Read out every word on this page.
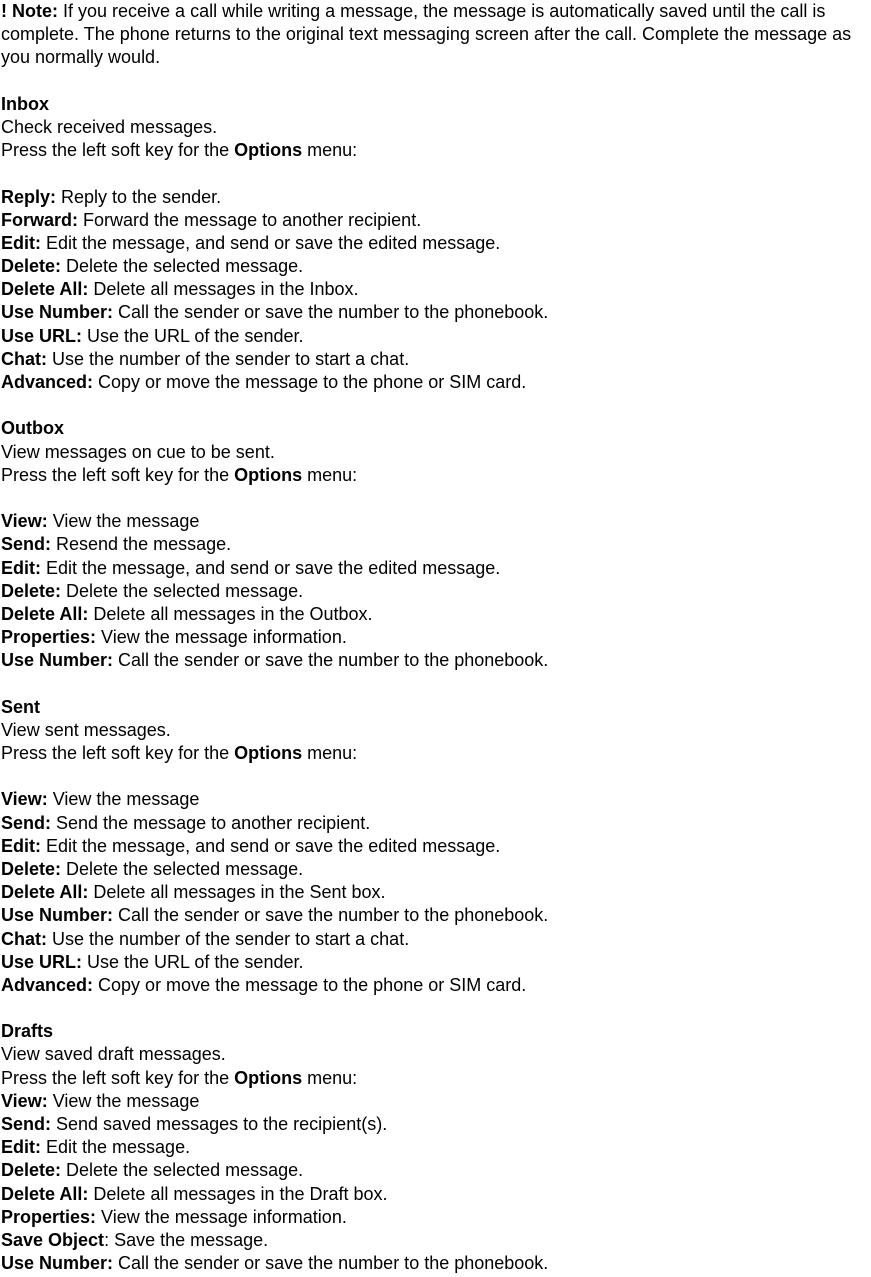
! Note: If you receive a call while writing a message, the message is automatically saved until the call is complete. The phone returns to the original text messaging screen after the call. Complete the message as you normally would.
Inbox
Check received messages.
Press the left soft key for the Options menu:
Reply: Reply to the sender.
Forward: Forward the message to another recipient.
Edit: Edit the message, and send or save the edited message.
Delete: Delete the selected message.
Delete All: Delete all messages in the Inbox.
Use Number: Call the sender or save the number to the phonebook.
Use URL: Use the URL of the sender.
Chat: Use the number of the sender to start a chat.
Advanced: Copy or move the message to the phone or SIM card.
Outbox
View messages on cue to be sent.
Press the left soft key for the Options menu:
View: View the message
Send: Resend the message.
Edit: Edit the message, and send or save the edited message.
Delete: Delete the selected message.
Delete All: Delete all messages in the Outbox.
Properties: View the message information.
Use Number: Call the sender or save the number to the phonebook.
Sent
View sent messages.
Press the left soft key for the Options menu:
View: View the message
Send: Send the message to another recipient.
Edit: Edit the message, and send or save the edited message.
Delete: Delete the selected message.
Delete All: Delete all messages in the Sent box.
Use Number: Call the sender or save the number to the phonebook.
Chat: Use the number of the sender to start a chat.
Use URL: Use the URL of the sender.
Advanced: Copy or move the message to the phone or SIM card.
Drafts
View saved draft messages.
Press the left soft key for the Options menu:
View: View the message
Send: Send saved messages to the recipient(s).
Edit: Edit the message.
Delete: Delete the selected message.
Delete All: Delete all messages in the Draft box.
Properties: View the message information.
Save Object: Save the message.
Use Number: Call the sender or save the number to the phonebook.
